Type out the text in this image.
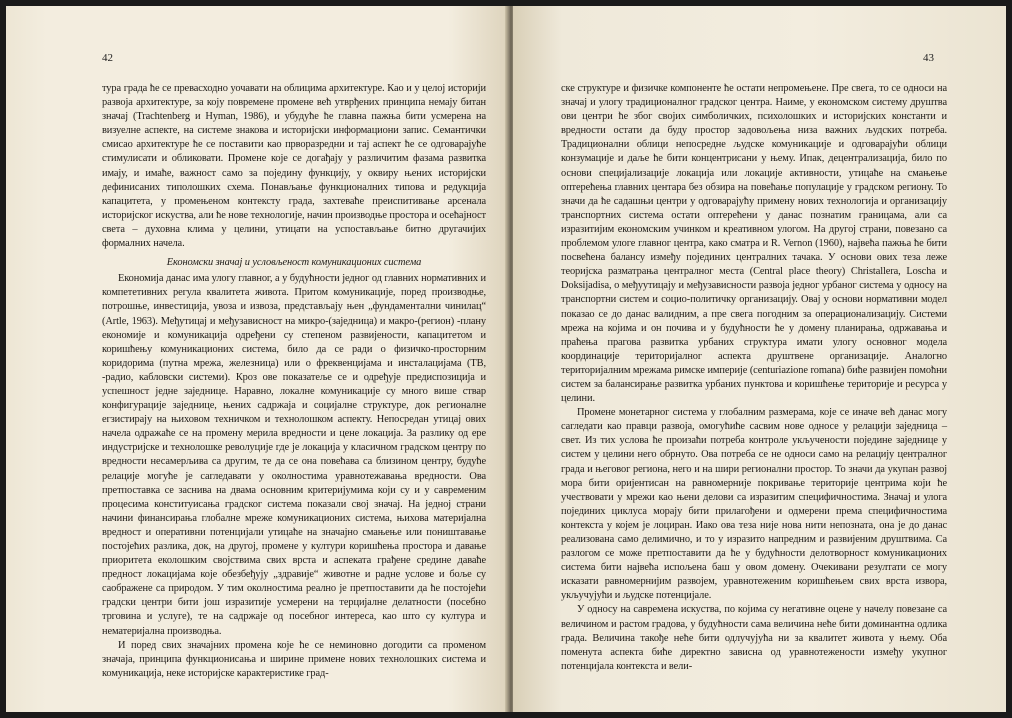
42

тура града ће се превасходно уочавати на облицима архитектуре. Као и у целој историји развоја архитектуре, за коју повремене промене већ утврђених принципа немају битан значај (Trachtenberg и Hyman, 1986), и убудуће ће главна пажња бити усмерена на визуелне аспекте, на системе знакова и историјски информациони запис. Семантички смисао архитектуре ће се поставити као прворазредни и тај аспект ће се одговарајуће стимулисати и обликовати. Промене које се догађају у различитим фазама развитка имају, и имаће, важност само за појединy функцију, у оквиру њених историјски дефинисаних типолошких схема. Понављање функционалних типова и редукција капацитета, у промењеном контексту града, захтеваће преиспитивање арсенала историјског искуства, али ће нове технологије, начин производње простора и осећајност света – духовна клима у целини, утицати на успостављање битно другачијих формалних начела.

Економски значај и условљеност комуникационих система

Економија данас има улогу главног, а у будућности једног од главних нормативних и компететивних регула квалитета живота. Притом комуникације, поред производње, потрошње, инвестиција, увоза и извоза, представљају њен „фундаментални чинилац“ (Artle, 1963). Међутицај и међузависност на микро-(заједница) и макро-(регион) -плану економије и комуникација одређени су степеном развијености, капацитетом и коришћењу комуникационих система, било да се ради о физичко-просторним коридорима (путна мрежа, железница) или о фреквенцијама и инсталацијама (ТВ, -радио, кабловски системи). Кроз ове показатеље се и одређује предиспозиција и успешност једне заједнице. Наравно, локалне комуникације су много више ствар конфигурације заједнице, њених садржаја и социјалне структуре, док регионалне егзистирају на њиховом техничком и технолошком аспекту. Непосредан утицај ових начела одражаће се на промену мерила вредности и цене локација. За разлику од ере индустријске и технолошке револуције где је локација у класичном градском центру по вредности несамерљива са другим, те да се она повећава са близином центру, будуће релације могуће је сагледавати у околностима уравнотежавања вредности. Ова претпоставка се заснива на двама основним критеријумима који су и у савременим процесима конституисања градског система показали свој значај. На једној страни начини финансирања глобалне мреже комуникационих система, њихова материјална вредност и оперативни потенцијали утицаће на значајно смањење или поништавање постојећих разлика, док, на другој, промене у култури коришћења простора и давање приоритета еколошким својствима свих врста и аспеката грађене средине даваће предност локацијама које обезбеђују „здравије“ животне и радне услове и боље су саображене са природом. У тим околностима реално је претпоставити да ће постојећи градски центри бити још изразитије усмерени на терцијалне делатности (посебно трговина и услуге), те на садржаје од посебног интереса, као што су култура и нематеријална производња.

И поред свих значајних промена које ће се неминовно догодити са променом значаја, принципа функционисања и ширине примене нових технолошких система и комуникација, неке историјске карактеристике град-

43

ске структуре и физичке компоненте ће остати непромењене. Пре свега, то се односи на значај и улогу традиционалног градског центра. Наиме, у економском систему друштва ови центри ће због својих симболичких, психолошких и историјских константи и вредности остати да буду простор задовољења низа важних људских потреба. Традиционални облици непосредне људске комуникације и одговарајући облици конзумације и даље ће бити концентрисани у њему. Ипак, децентрализација, било по основи специјализације локација или локације активности, утицаће на смањење оптерећења главних центара без обзира на повећање популације у градском региону. То значи да ће садашњи центри у одговарајућу примену нових технологија и организацију транспортних система остати оптерећени у данас познатим границама, али са изразитијим економским учинком и креативном улогом. На другој страни, повезано са проблемом улоге главног центра, како сматра и R. Vernon (1960), највећа пажња ће бити посвећена балансу између појединих централних тачака. У основи ових теза леже теоријска разматрања централног места (Central place theory) Christallera, Loscha и Doksijadisa, о међуутицају и међузависности развоја једног урбаног система у односу на транспортни систем и социо-политичку организацију. Овај у основи нормативни модел показао се до данас валидним, а пре свега погодним за операционализацију. Системи мрежа на којима и он почива и у будућности ће у домену планирања, одржавања и праћења прагова развитка урбаних структура имати улогу основног модела координације територијалног аспекта друштвене организације. Аналогно територијалним мрежама римске империје (centuriazione romana) биће развијен помоћни систем за балансирање развитка урбаних пунктова и коришћење територије и ресурса у целини.

Промене монетарног система у глобалним размерама, које се иначе већ данас могу сагледати као правци развоја, омогућиће сасвим нове односе у релацији заједница – свет. Из тих услова ће произаћи потреба контроле укључености појединe заједнице у систем у целини него обрнуто. Ова потреба се не односи само на релацију централног града и његовог региона, него и на шири регионални простор. То значи да укупан развој мора бити оријентисан на равномерније покривање територије центрима који ће учествовати у мрежи као њени делови са изразитим специфичностима. Значај и улога појединих циклуса морају бити прилагођени и одмерени према специфичностима контекста у којем је лоциран. Иако ова теза није нова нити непозната, она је до данас реализована само делимично, и то у изразито напредним и развијеним друштвима. Са разлогом се може претпоставити да ће у будућности делотворност комуникационих система бити највећа испољена баш у овом домену. Очекивани резултати се могу исказати равномернијим развојем, уравнотеженим коришћењем свих врста извора, укључујући и људске потенцијале.

У односу на савремена искуства, по којима су негативне оцене у начелу повезане са величином и растом градова, у будућности сама величина неће бити доминантна одлика града. Величина такође неће бити одлучујућа ни за квалитет живота у њему. Оба поменута аспекта биће директно зависна од уравнотежености између укупног потенцијала контекста и вели-
